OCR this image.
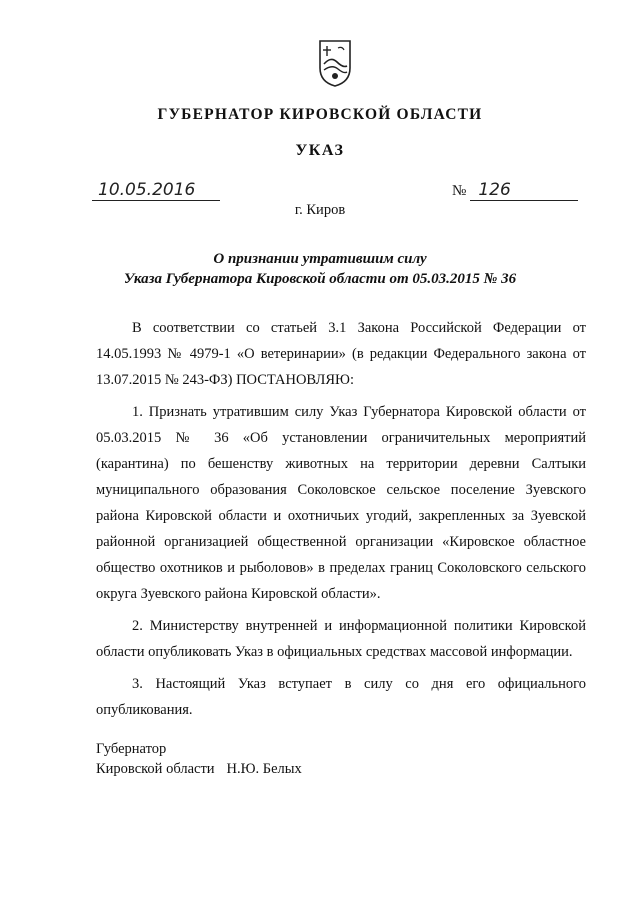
ГУБЕРНАТОР КИРОВСКОЙ ОБЛАСТИ
УКАЗ
10.05.2016	№ 126
г. Киров
О признании утратившим силу
Указа Губернатора Кировской области от 05.03.2015 № 36

В соответствии со статьей 3.1 Закона Российской Федерации от 14.05.1993 № 4979-1 «О ветеринарии» (в редакции Федерального закона от 13.07.2015 № 243-ФЗ) ПОСТАНОВЛЯЮ:

1. Признать утратившим силу Указ Губернатора Кировской области от 05.03.2015 № 36 «Об установлении ограничительных мероприятий (карантина) по бешенству животных на территории деревни Салтыки муниципального образования Соколовское сельское поселение Зуевского района Кировской области и охотничьих угодий, закрепленных за Зуевской районной организацией общественной организации «Кировское областное общество охотников и рыболовов» в пределах границ Соколовского сельского округа Зуевского района Кировской области».

2. Министерству внутренней и информационной политики Кировской области опубликовать Указ в официальных средствах массовой информации.

3. Настоящий Указ вступает в силу со дня его официального опубликования.

Губернатор
Кировской области Н.Ю. Белых
